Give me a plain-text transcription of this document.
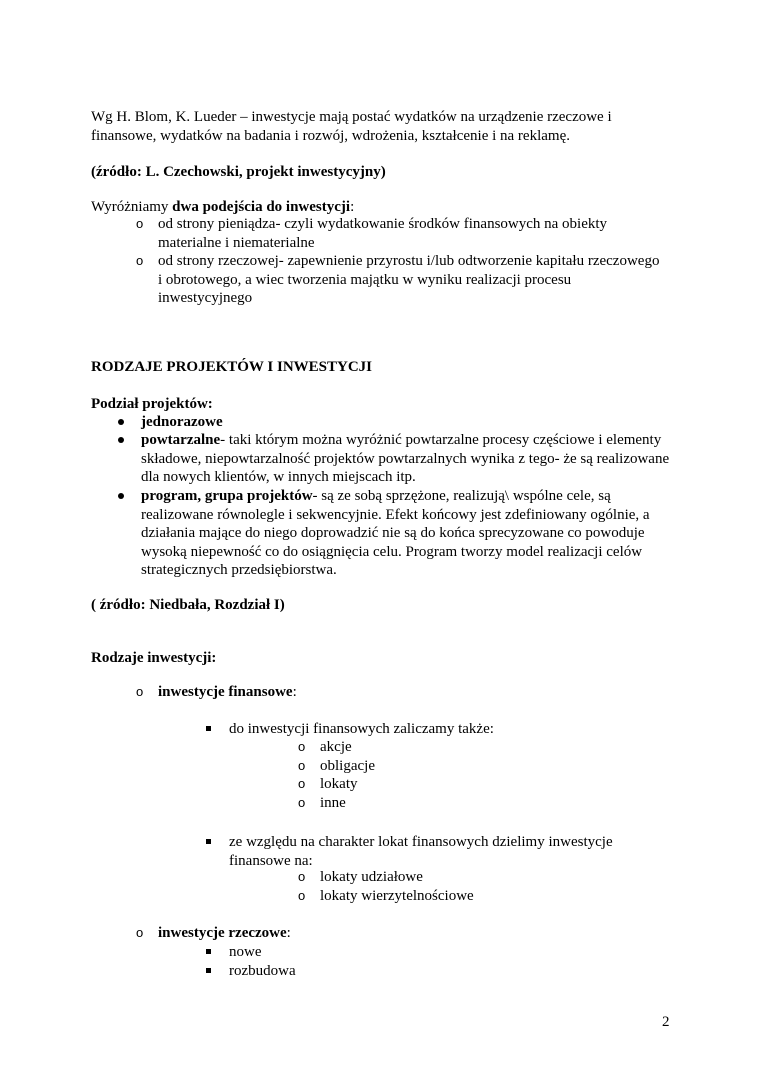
Wg H. Blom, K. Lueder – inwestycje mają postać wydatków na urządzenie rzeczowe i finansowe, wydatków na badania i rozwój, wdrożenia, kształcenie i na reklamę.

(źródło: L. Czechowski, projekt inwestycyjny)

Wyróżniamy dwa podejścia do inwestycji:

o od strony pieniądza- czyli wydatkowanie środków finansowych na obiekty materialne i niematerialne

o od strony rzeczowej- zapewnienie przyrostu i/lub odtworzenie kapitału rzeczowego i obrotowego, a wiec tworzenia majątku w wyniku realizacji procesu inwestycyjnego

RODZAJE PROJEKTÓW I INWESTYCJI

Podział projektów:

jednorazowe

powtarzalne- taki którym można wyróżnić powtarzalne procesy częściowe i elementy składowe, niepowtarzalność projektów powtarzalnych wynika z tego- że są realizowane dla nowych klientów, w innych miejscach itp.

program, grupa projektów- są ze sobą sprzężone, realizują\ wspólne cele, są realizowane równolegle i sekwencyjnie. Efekt końcowy jest zdefiniowany ogólnie, a działania mające do niego doprowadzić nie są do końca sprecyzowane co powoduje wysoką niepewność co do osiągnięcia celu. Program tworzy model realizacji celów strategicznych przedsiębiorstwa.

( źródło: Niedbała, Rozdział I)

Rodzaje inwestycji:

o inwestycje finansowe:

do inwestycji finansowych zaliczamy także:

o akcje

o obligacje

o lokaty

o inne

ze względu na charakter lokat finansowych dzielimy inwestycje finansowe na:

o lokaty udziałowe

o lokaty wierzytelnościowe

o inwestycje rzeczowe:

nowe

rozbudowa

2
